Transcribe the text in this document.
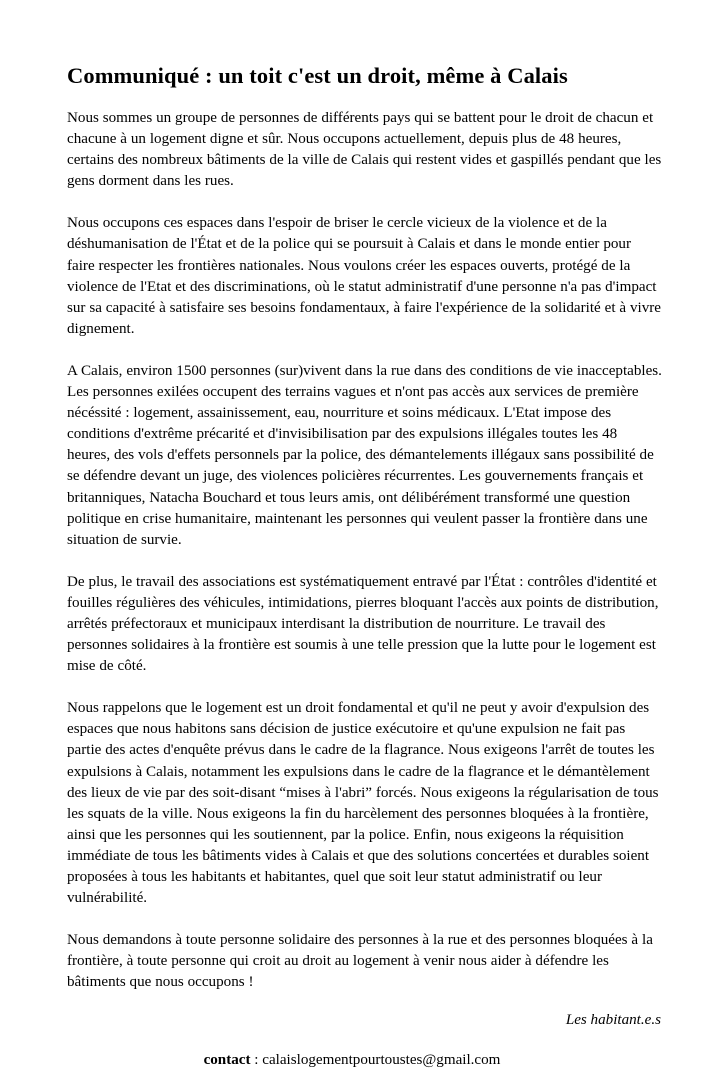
Communiqué : un toit c'est un droit, même à Calais

Nous sommes un groupe de personnes de différents pays qui se battent pour le droit de chacun et chacune à un logement digne et sûr. Nous occupons actuellement, depuis plus de 48 heures, certains des nombreux bâtiments de la ville de Calais qui restent vides et gaspillés pendant que les gens dorment dans les rues.

Nous occupons ces espaces dans l'espoir de briser le cercle vicieux de la violence et de la déshumanisation de l'État et de la police qui se poursuit à Calais et dans le monde entier pour faire respecter les frontières nationales. Nous voulons créer les espaces ouverts, protégé de la violence de l'Etat et des discriminations, où le statut administratif d'une personne n'a pas d'impact sur sa capacité à satisfaire ses besoins fondamentaux, à faire l'expérience de la solidarité et à vivre dignement.

A Calais, environ 1500 personnes (sur)vivent dans la rue dans des conditions de vie inacceptables. Les personnes exilées occupent des terrains vagues et n'ont pas accès aux services de première nécéssité : logement, assainissement, eau, nourriture et soins médicaux. L'Etat impose des conditions d'extrême précarité et d'invisibilisation par des expulsions illégales toutes les 48 heures, des vols d'effets personnels par la police, des démantelements illégaux sans possibilité de se défendre devant un juge, des violences policières récurrentes. Les gouvernements français et britanniques, Natacha Bouchard et tous leurs amis, ont délibérément transformé une question politique en crise humanitaire, maintenant les personnes qui veulent passer la frontière dans une situation de survie.

De plus, le travail des associations est systématiquement entravé par l'État : contrôles d'identité et fouilles régulières des véhicules, intimidations, pierres bloquant l'accès aux points de distribution, arrêtés préfectoraux et municipaux interdisant la distribution de nourriture. Le travail des personnes solidaires à la frontière est soumis à une telle pression que la lutte pour le logement est mise de côté.

Nous rappelons que le logement est un droit fondamental et qu'il ne peut y avoir d'expulsion des espaces que nous habitons sans décision de justice exécutoire et qu'une expulsion ne fait pas partie des actes d'enquête prévus dans le cadre de la flagrance. Nous exigeons l'arrêt de toutes les expulsions à Calais, notamment les expulsions dans le cadre de la flagrance et le démantèlement des lieux de vie par des soit-disant “mises à l'abri” forcés. Nous exigeons la régularisation de tous les squats de la ville. Nous exigeons la fin du harcèlement des personnes bloquées à la frontière, ainsi que les personnes qui les soutiennent, par la police. Enfin, nous exigeons la réquisition immédiate de tous les bâtiments vides à Calais et que des solutions concertées et durables soient proposées à tous les habitants et habitantes, quel que soit leur statut administratif ou leur vulnérabilité.

Nous demandons à toute personne solidaire des personnes à la rue et des personnes bloquées à la frontière, à toute personne qui croit au droit au logement à venir nous aider à défendre les bâtiments que nous occupons !

Les habitant.e.s
contact : calaislogementpourtoustes@gmail.com
